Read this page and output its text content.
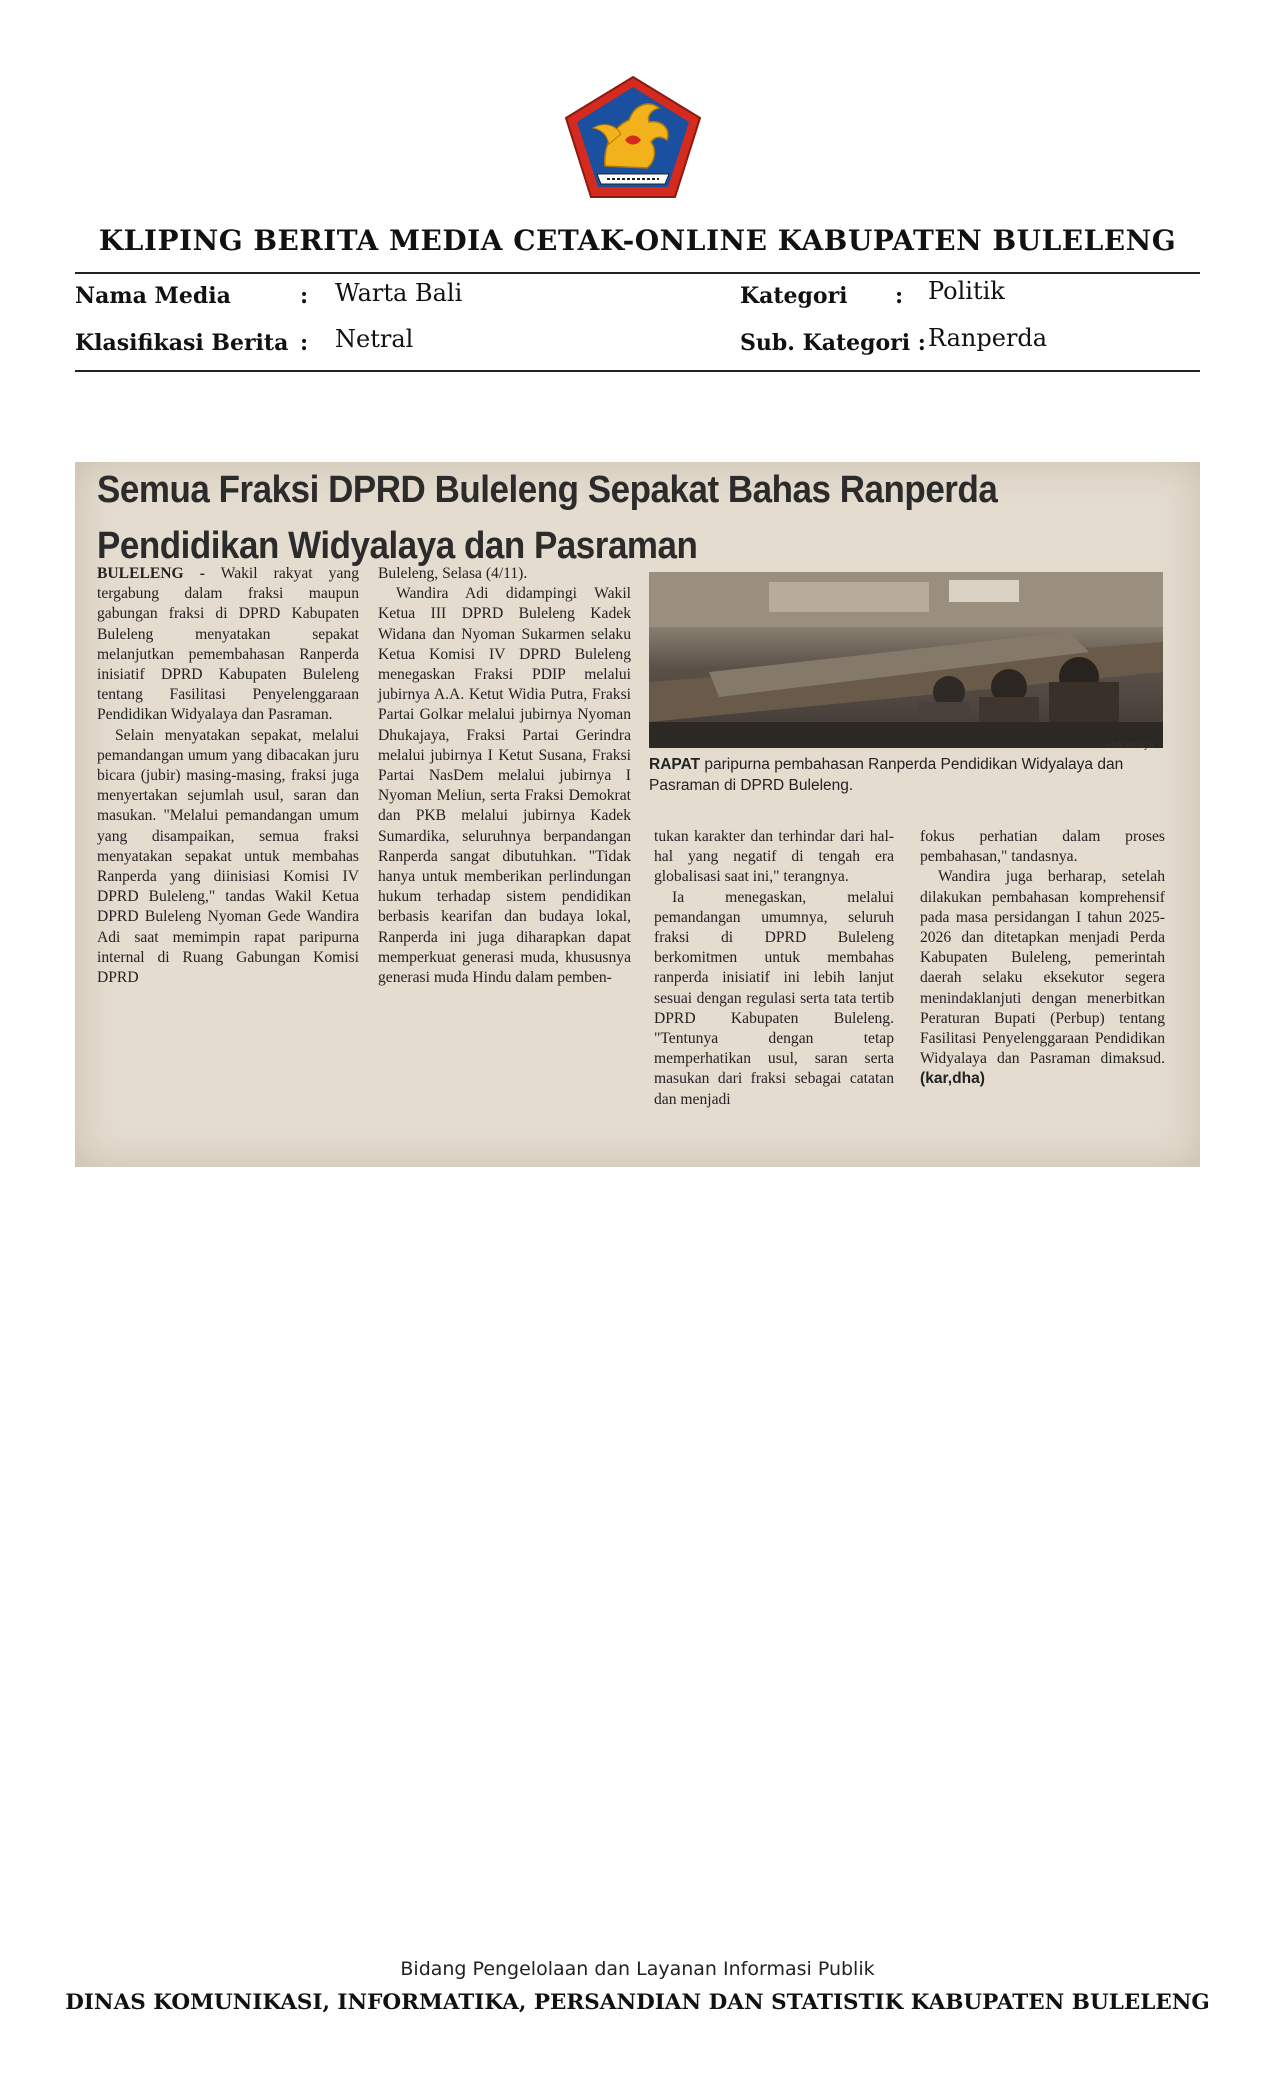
KLIPING BERITA MEDIA CETAK-ONLINE KABUPATEN BULELENG
Nama Media	: Warta Bali	Kategori : Politik
Klasifikasi Berita : Netral	Sub. Kategori : Ranperda
Semua Fraksi DPRD Buleleng Sepakat Bahas Ranperda
Pendidikan Widyalaya dan Pasraman

BULELENG - Wakil rakyat yang tergabung dalam fraksi maupun gabungan fraksi di DPRD Kabupaten Buleleng menyatakan sepakat melanjutkan pemembahasan Ranperda inisiatif DPRD Kabupaten Buleleng tentang Fasilitasi Penyelenggaraan Pendidikan Widyalaya dan Pasraman.

Selain menyatakan sepakat, melalui pemandangan umum yang dibacakan juru bicara (jubir) masing-masing, fraksi juga menyertakan sejumlah usul, saran dan masukan. "Melalui pemandangan umum yang disampaikan, semua fraksi menyatakan sepakat untuk membahas Ranperda yang diinisiasi Komisi IV DPRD Buleleng," tandas Wakil Ketua DPRD Buleleng Nyoman Gede Wandira Adi saat memimpin rapat paripurna internal di Ruang Gabungan Komisi DPRD

Buleleng, Selasa (4/11).

Wandira Adi didampingi Wakil Ketua III DPRD Buleleng Kadek Widana dan Nyoman Sukarmen selaku Ketua Komisi IV DPRD Buleleng menegaskan Fraksi PDIP melalui jubirnya A.A. Ketut Widia Putra, Fraksi Partai Golkar melalui jubirnya Nyoman Dhukajaya, Fraksi Partai Gerindra melalui jubirnya I Ketut Susana, Fraksi Partai NasDem melalui jubirnya I Nyoman Meliun, serta Fraksi Demokrat dan PKB melalui jubirnya Kadek Sumardika, seluruhnya berpandangan Ranperda sangat dibutuhkan. "Tidak hanya untuk memberikan perlindungan hukum terhadap sistem pendidikan berbasis kearifan dan budaya lokal, Ranperda ini juga diharapkan dapat memperkuat generasi muda, khususnya generasi muda Hindu dalam pemben-

wb/karmaya
RAPAT paripurna pembahasan Ranperda Pendidikan Widyalaya dan Pasraman di DPRD Buleleng.

tukan karakter dan terhindar dari hal-hal yang negatif di tengah era globalisasi saat ini," terangnya.

Ia menegaskan, melalui pemandangan umumnya, seluruh fraksi di DPRD Buleleng berkomitmen untuk membahas ranperda inisiatif ini lebih lanjut sesuai dengan regulasi serta tata tertib DPRD Kabupaten Buleleng. "Tentunya dengan tetap memperhatikan usul, saran serta masukan dari fraksi sebagai catatan dan menjadi

fokus perhatian dalam proses pembahasan," tandasnya.

Wandira juga berharap, setelah dilakukan pembahasan komprehensif pada masa persidangan I tahun 2025-2026 dan ditetapkan menjadi Perda Kabupaten Buleleng, pemerintah daerah selaku eksekutor segera menindaklanjuti dengan menerbitkan Peraturan Bupati (Perbup) tentang Fasilitasi Penyelenggaraan Pendidikan Widyalaya dan Pasraman dimaksud. (kar,dha)

Bidang Pengelolaan dan Layanan Informasi Publik
DINAS KOMUNIKASI, INFORMATIKA, PERSANDIAN DAN STATISTIK KABUPATEN BULELENG
